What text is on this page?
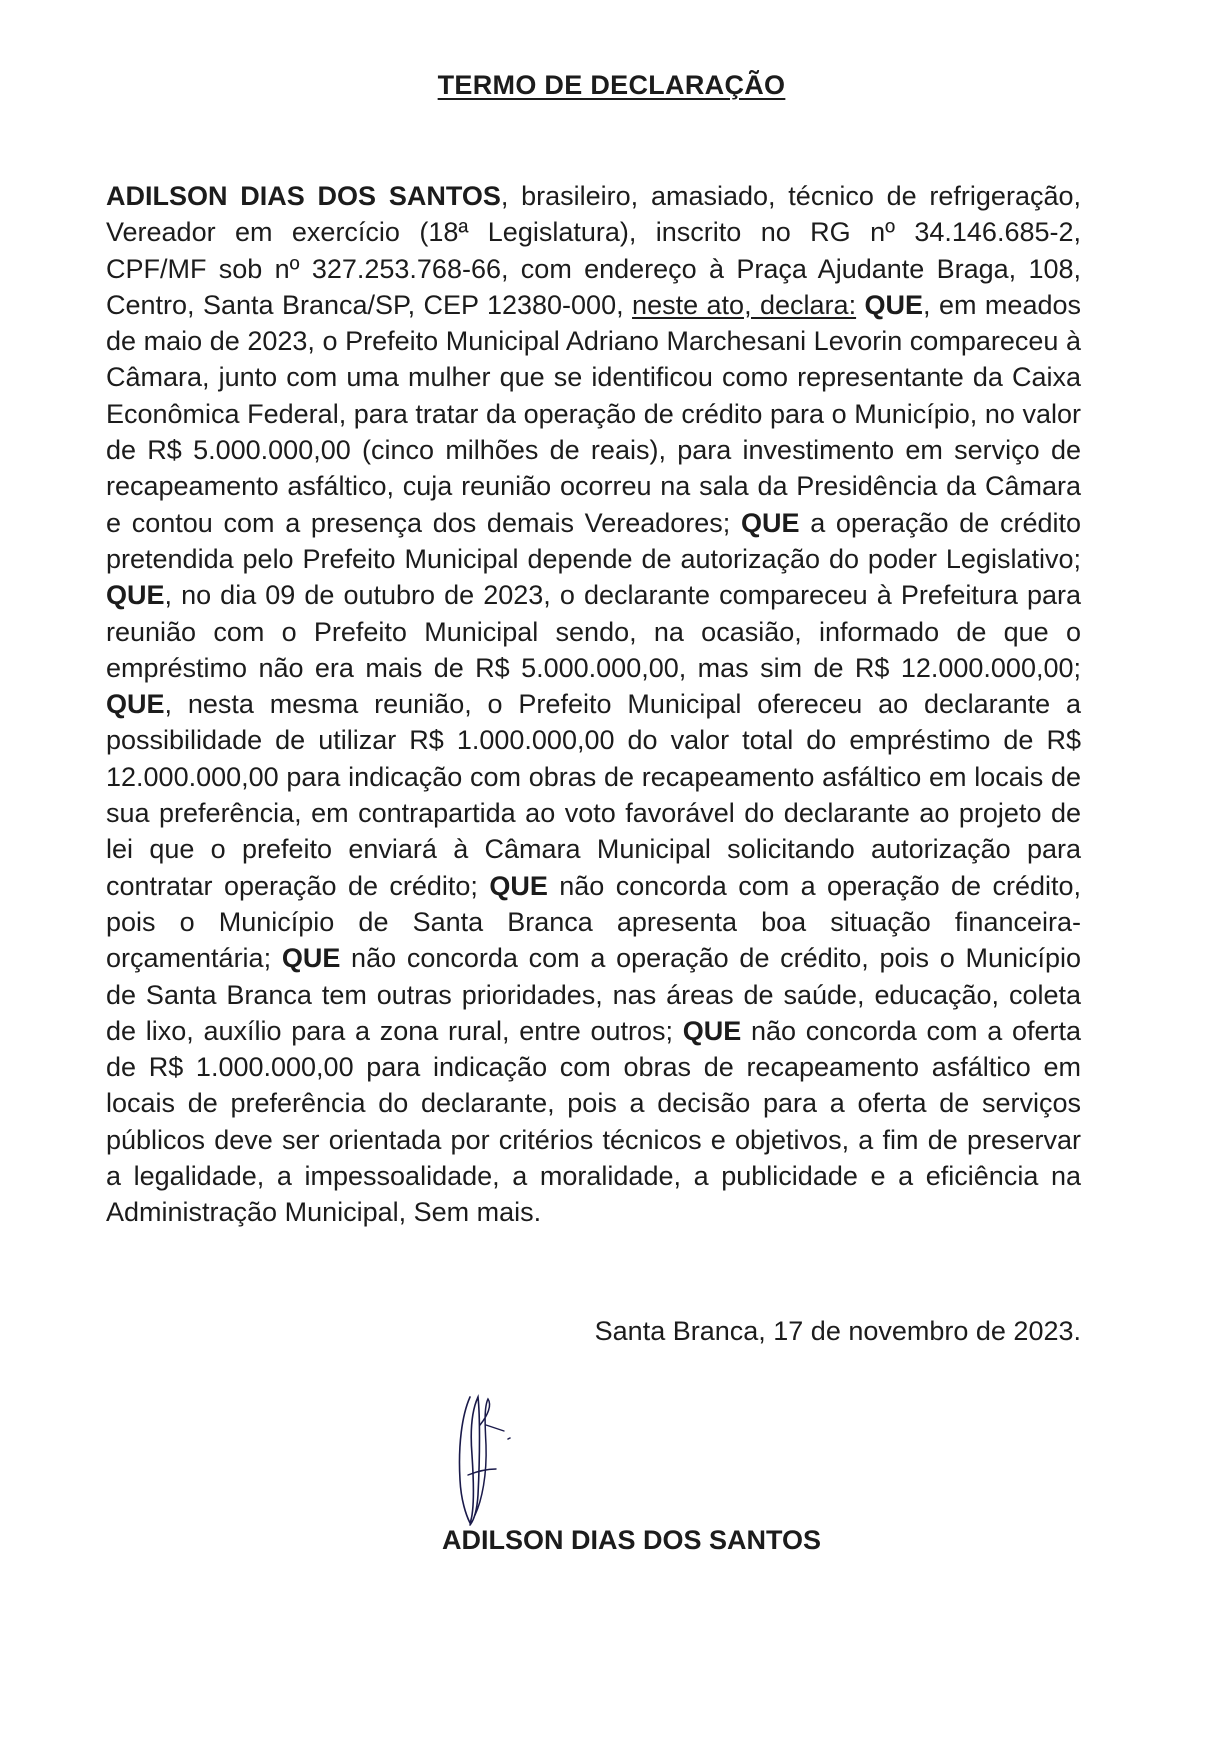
TERMO DE DECLARAÇÃO
ADILSON DIAS DOS SANTOS, brasileiro, amasiado, técnico de refrigeração, Vereador em exercício (18ª Legislatura), inscrito no RG nº 34.146.685-2, CPF/MF sob nº 327.253.768-66, com endereço à Praça Ajudante Braga, 108, Centro, Santa Branca/SP, CEP 12380-000, neste ato, declara: QUE, em meados de maio de 2023, o Prefeito Municipal Adriano Marchesani Levorin compareceu à Câmara, junto com uma mulher que se identificou como representante da Caixa Econômica Federal, para tratar da operação de crédito para o Município, no valor de R$ 5.000.000,00 (cinco milhões de reais), para investimento em serviço de recapeamento asfáltico, cuja reunião ocorreu na sala da Presidência da Câmara e contou com a presença dos demais Vereadores; QUE a operação de crédito pretendida pelo Prefeito Municipal depende de autorização do poder Legislativo; QUE, no dia 09 de outubro de 2023, o declarante compareceu à Prefeitura para reunião com o Prefeito Municipal sendo, na ocasião, informado de que o empréstimo não era mais de R$ 5.000.000,00, mas sim de R$ 12.000.000,00; QUE, nesta mesma reunião, o Prefeito Municipal ofereceu ao declarante a possibilidade de utilizar R$ 1.000.000,00 do valor total do empréstimo de R$ 12.000.000,00 para indicação com obras de recapeamento asfáltico em locais de sua preferência, em contrapartida ao voto favorável do declarante ao projeto de lei que o prefeito enviará à Câmara Municipal solicitando autorização para contratar operação de crédito; QUE não concorda com a operação de crédito, pois o Município de Santa Branca apresenta boa situação financeira-orçamentária; QUE não concorda com a operação de crédito, pois o Município de Santa Branca tem outras prioridades, nas áreas de saúde, educação, coleta de lixo, auxílio para a zona rural, entre outros; QUE não concorda com a oferta de R$ 1.000.000,00 para indicação com obras de recapeamento asfáltico em locais de preferência do declarante, pois a decisão para a oferta de serviços públicos deve ser orientada por critérios técnicos e objetivos, a fim de preservar a legalidade, a impessoalidade, a moralidade, a publicidade e a eficiência na Administração Municipal, Sem mais.
Santa Branca, 17 de novembro de 2023.
ADILSON DIAS DOS SANTOS
